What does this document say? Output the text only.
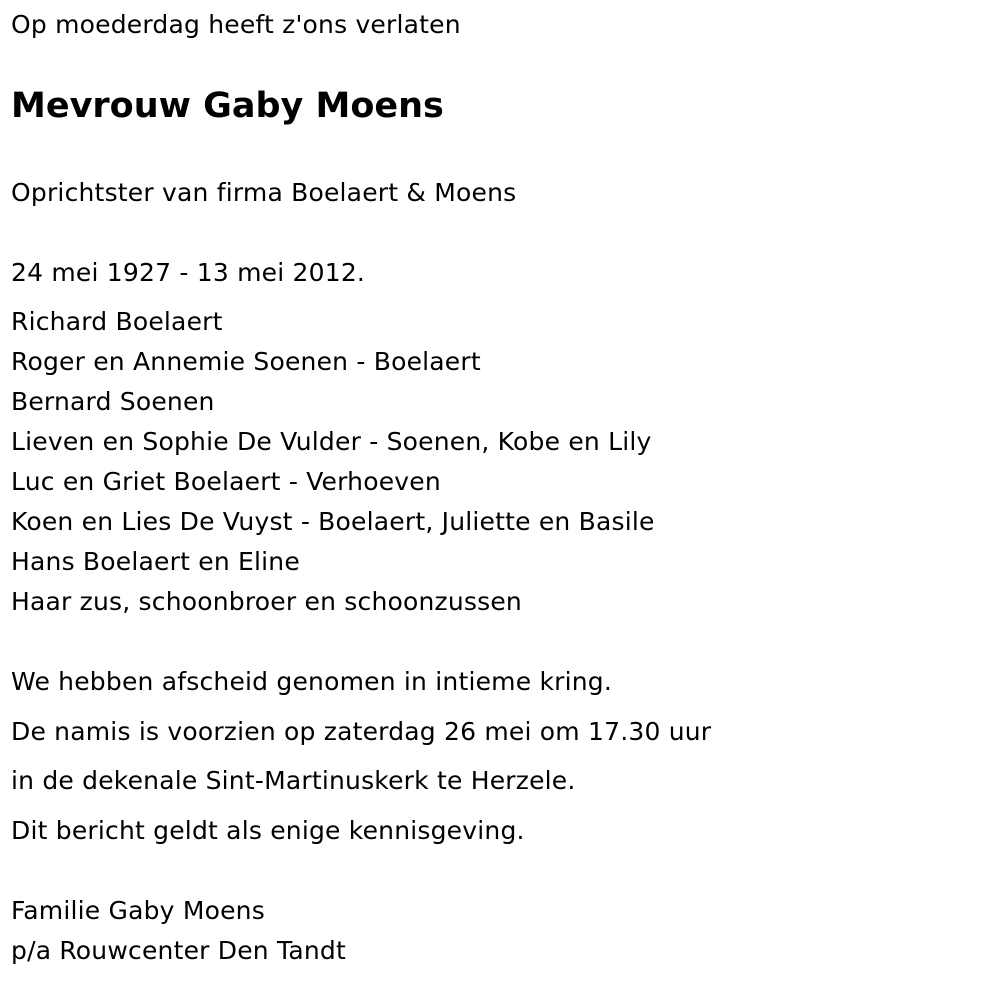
Op moederdag heeft z'ons verlaten
Mevrouw Gaby Moens
Oprichtster van firma Boelaert & Moens
24 mei 1927 - 13 mei 2012.
Richard Boelaert
Roger en Annemie Soenen - Boelaert
Bernard Soenen
Lieven en Sophie De Vulder - Soenen, Kobe en Lily
Luc en Griet Boelaert - Verhoeven
Koen en Lies De Vuyst - Boelaert, Juliette en Basile
Hans Boelaert en Eline
Haar zus, schoonbroer en schoonzussen
We hebben afscheid genomen in intieme kring.
De namis is voorzien op zaterdag 26 mei om 17.30 uur
in de dekenale Sint-Martinuskerk te Herzele.
Dit bericht geldt als enige kennisgeving.
Familie Gaby Moens
p/a Rouwcenter Den Tandt
